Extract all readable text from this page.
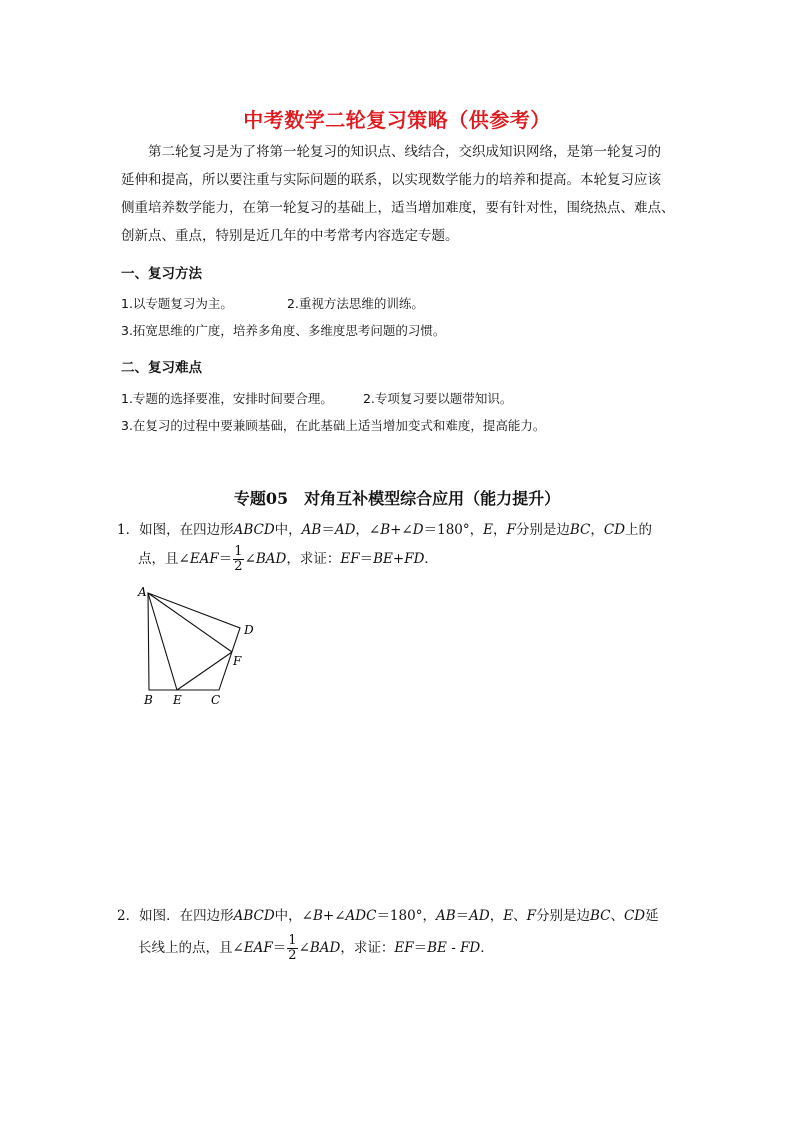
中考数学二轮复习策略（供参考）
第二轮复习是为了将第一轮复习的知识点、线结合，交织成知识网络，是第一轮复习的
延伸和提高，所以要注重与实际问题的联系，以实现数学能力的培养和提高。本轮复习应该
侧重培养数学能力，在第一轮复习的基础上，适当增加难度，要有针对性，围绕热点、难点、
创新点、重点，特别是近几年的中考常考内容选定专题。
一、复习方法
1.以专题复习为主。	2.重视方法思维的训练。
3.拓宽思维的广度，培养多角度、多维度思考问题的习惯。
二、复习难点
1.专题的选择要准，安排时间要合理。 2.专项复习要以题带知识。
3.在复习的过程中要兼顾基础，在此基础上适当增加变式和难度，提高能力。
专题05　对角互补模型综合应用（能力提升）
1．如图，在四边形ABCD中，AB＝AD，∠B+∠D＝180°，E，F分别是边BC，CD上的
点，且∠EAF＝ $\frac{1}{2}$ ∠BAD，求证：EF＝BE+FD．
A
D
F
B E C
2．如图．在四边形ABCD中，∠B+∠ADC＝180°，AB＝AD，E、F分别是边BC、CD延
长线上的点，且∠EAF＝ $\frac{1}{2}$ ∠BAD，求证：EF＝BE - FD．
